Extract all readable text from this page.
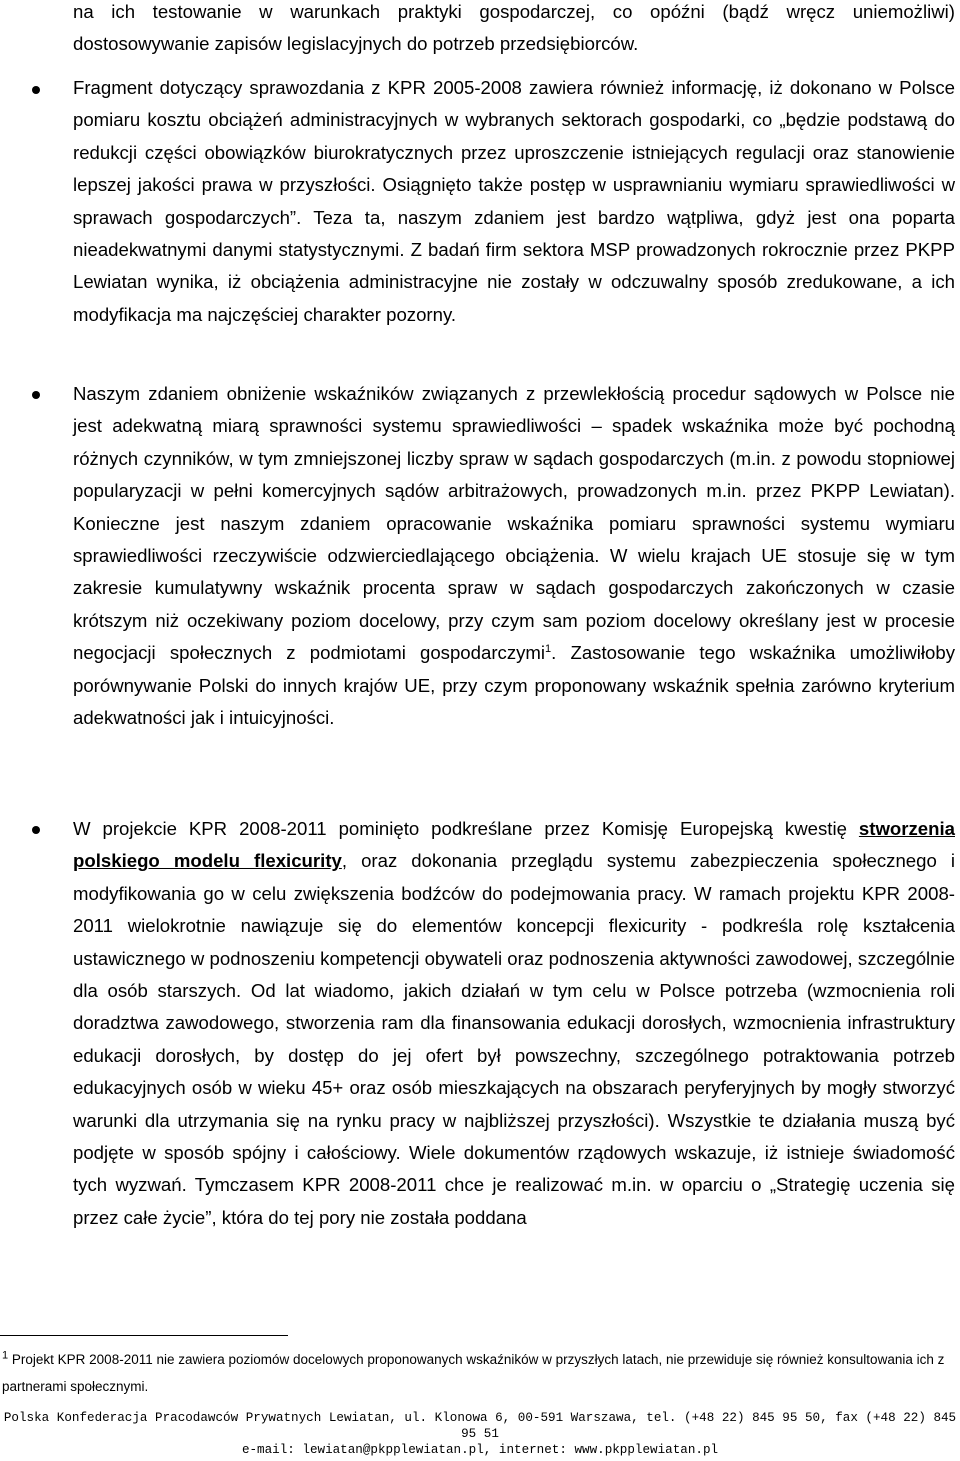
na ich testowanie w warunkach praktyki gospodarczej, co opóźni (bądź wręcz uniemożliwi) dostosowywanie zapisów legislacyjnych do potrzeb przedsiębiorców.
Fragment dotyczący sprawozdania z KPR 2005-2008 zawiera również informację, iż dokonano w Polsce pomiaru kosztu obciążeń administracyjnych w wybranych sektorach gospodarki, co „będzie podstawą do redukcji części obowiązków biurokratycznych przez uproszczenie istniejących regulacji oraz stanowienie lepszej jakości prawa w przyszłości. Osiągnięto także postęp w usprawnianiu wymiaru sprawiedliwości w sprawach gospodarczych”. Teza ta, naszym zdaniem jest bardzo wątpliwa, gdyż jest ona poparta nieadekwatnymi danymi statystycznymi. Z badań firm sektora MSP prowadzonych rokrocznie przez PKPP Lewiatan wynika, iż obciążenia administracyjne nie zostały w odczuwalny sposób zredukowane, a ich modyfikacja ma najczęściej charakter pozorny.
Naszym zdaniem obniżenie wskaźników związanych z przewlekłością procedur sądowych w Polsce nie jest adekwatną miarą sprawności systemu sprawiedliwości – spadek wskaźnika może być pochodną różnych czynników, w tym zmniejszonej liczby spraw w sądach gospodarczych (m.in. z powodu stopniowej popularyzacji w pełni komercyjnych sądów arbitrażowych, prowadzonych m.in. przez PKPP Lewiatan). Konieczne jest naszym zdaniem opracowanie wskaźnika pomiaru sprawności systemu wymiaru sprawiedliwości rzeczywiście odzwierciedlającego obciążenia. W wielu krajach UE stosuje się w tym zakresie kumulatywny wskaźnik procenta spraw w sądach gospodarczych zakończonych w czasie krótszym niż oczekiwany poziom docelowy, przy czym sam poziom docelowy określany jest w procesie negocjacji społecznych z podmiotami gospodarczymi$^1$. Zastosowanie tego wskaźnika umożliwiłoby porównywanie Polski do innych krajów UE, przy czym proponowany wskaźnik spełnia zarówno kryterium adekwatności jak i intuicyjności.
W projekcie KPR 2008-2011 pominięto podkreślane przez Komisję Europejską kwestię stworzenia polskiego modelu flexicurity, oraz dokonania przeglądu systemu zabezpieczenia społecznego i modyfikowania go w celu zwiększenia bodźców do podejmowania pracy. W ramach projektu KPR 2008-2011 wielokrotnie nawiązuje się do elementów koncepcji flexicurity - podkreśla rolę kształcenia ustawicznego w podnoszeniu kompetencji obywateli oraz podnoszenia aktywności zawodowej, szczególnie dla osób starszych. Od lat wiadomo, jakich działań w tym celu w Polsce potrzeba (wzmocnienia roli doradztwa zawodowego, stworzenia ram dla finansowania edukacji dorosłych, wzmocnienia infrastruktury edukacji dorosłych, by dostęp do jej ofert był powszechny, szczególnego potraktowania potrzeb edukacyjnych osób w wieku 45+ oraz osób mieszkających na obszarach peryferyjnych by mogły stworzyć warunki dla utrzymania się na rynku pracy w najbliższej przyszłości). Wszystkie te działania muszą być podjęte w sposób spójny i całościowy. Wiele dokumentów rządowych wskazuje, iż istnieje świadomość tych wyzwań. Tymczasem KPR 2008-2011 chce je realizować m.in. w oparciu o „Strategię uczenia się przez całe życie”, która do tej pory nie została poddana
$^1$ Projekt KPR 2008-2011 nie zawiera poziomów docelowych proponowanych wskaźników w przyszłych latach, nie przewiduje się również konsultowania ich z partnerami społecznymi.
Polska Konfederacja Pracodawców Prywatnych Lewiatan, ul. Klonowa 6, 00-591 Warszawa, tel. (+48 22) 845 95 50, fax (+48 22) 845 95 51
e-mail: lewiatan@pkpplewiatan.pl, internet: www.pkpplewiatan.pl
